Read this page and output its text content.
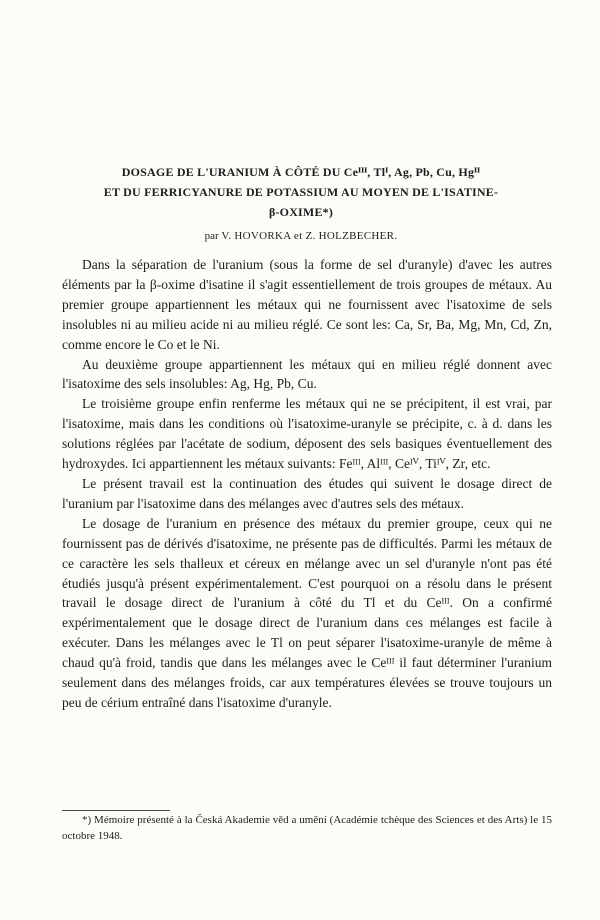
DOSAGE DE L'URANIUM À CÔTÉ DU Ceᴵᴵᴵ, Tlᴵ, Ag, Pb, Cu, Hgᴵᴵ
ET DU FERRICYANURE DE POTASSIUM AU MOYEN DE L'ISATINE-
β-OXIME*)
par V. HOVORKA et Z. HOLZBECHER.

Dans la séparation de l'uranium (sous la forme de sel d'uranyle) d'avec les autres éléments par la β-oxime d'isatine il s'agit essentiellement de trois groupes de métaux. Au premier groupe appartiennent les métaux qui ne fournissent avec l'isatoxime de sels insolubles ni au milieu acide ni au milieu réglé. Ce sont les: Ca, Sr, Ba, Mg, Mn, Cd, Zn, comme encore le Co et le Ni.

Au deuxième groupe appartiennent les métaux qui en milieu réglé donnent avec l'isatoxime des sels insolubles: Ag, Hg, Pb, Cu.

Le troisième groupe enfin renferme les métaux qui ne se précipitent, il est vrai, par l'isatoxime, mais dans les conditions où l'isatoxime-uranyle se précipite, c. à d. dans les solutions réglées par l'acétate de sodium, déposent des sels basiques éventuellement des hydroxydes. Ici appartiennent les métaux suivants: Feᴵᴵᴵ, Alᴵᴵᴵ, Ceᴵⱽ, Tiᴵⱽ, Zr, etc.

Le présent travail est la continuation des études qui suivent le dosage direct de l'uranium par l'isatoxime dans des mélanges avec d'autres sels des métaux.

Le dosage de l'uranium en présence des métaux du premier groupe, ceux qui ne fournissent pas de dérivés d'isatoxime, ne présente pas de difficultés. Parmi les métaux de ce caractère les sels thalleux et céreux en mélange avec un sel d'uranyle n'ont pas été étudiés jusqu'à présent expérimentalement. C'est pourquoi on a résolu dans le présent travail le dosage direct de l'uranium à côté du Tl et du Ceᴵᴵᴵ. On a confirmé expérimentalement que le dosage direct de l'uranium dans ces mélanges est facile à exécuter. Dans les mélanges avec le Tl on peut séparer l'isatoxime-uranyle de même à chaud qu'à froid, tandis que dans les mélanges avec le Ceᴵᴵᴵ il faut déterminer l'uranium seulement dans des mélanges froids, car aux températures élevées se trouve toujours un peu de cérium entraîné dans l'isatoxime d'uranyle.

*) Mémoire présenté à la Česká Akademie věd a umění (Académie tchèque des Sciences et des Arts) le 15 octobre 1948.
